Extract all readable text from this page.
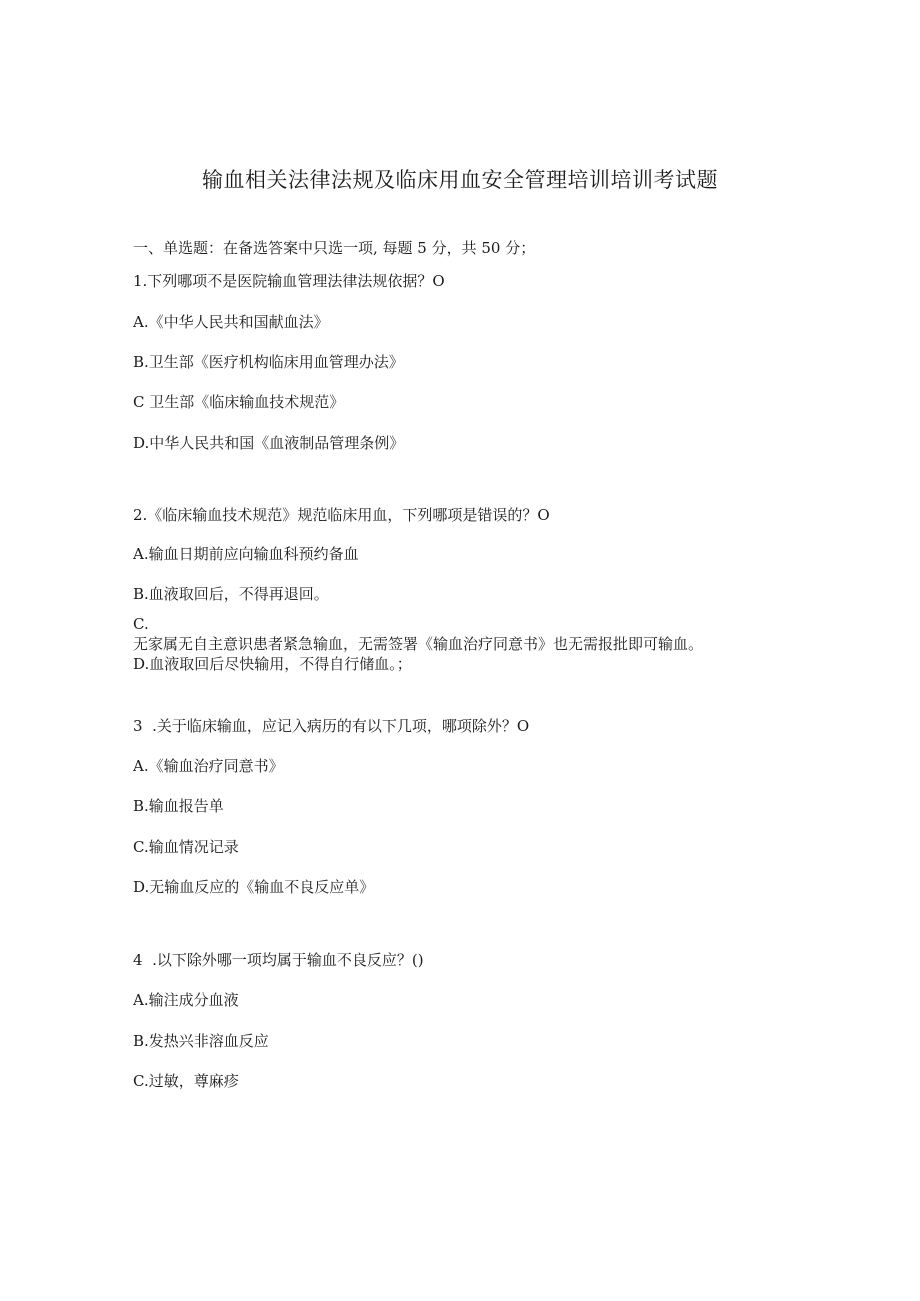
输血相关法律法规及临床用血安全管理培训培训考试题
一、单选题：在备选答案中只选一项, 每题 5 分，共 50 分；
1.下列哪项不是医院输血管理法律法规依据？O
A.《中华人民共和国献血法》
B.卫生部《医疗机构临床用血管理办法》
C 卫生部《临床输血技术规范》
D.中华人民共和国《血液制品管理条例》
2.《临床输血技术规范》规范临床用血，下列哪项是错误的？O
A.输血日期前应向输血科预约备血
B.血液取回后，不得再退回。
C.
无家属无自主意识患者紧急输血，无需签署《输血治疗同意书》也无需报批即可输血。
D.血液取回后尽快输用，不得自行储血。；
3  .关于临床输血，应记入病历的有以下几项，哪项除外？O
A.《输血治疗同意书》
B.输血报告单
C.输血情况记录
D.无输血反应的《输血不良反应单》
4  .以下除外哪一项均属于输血不良反应？()
A.输注成分血液
B.发热兴非溶血反应
C.过敏，尊麻疹
